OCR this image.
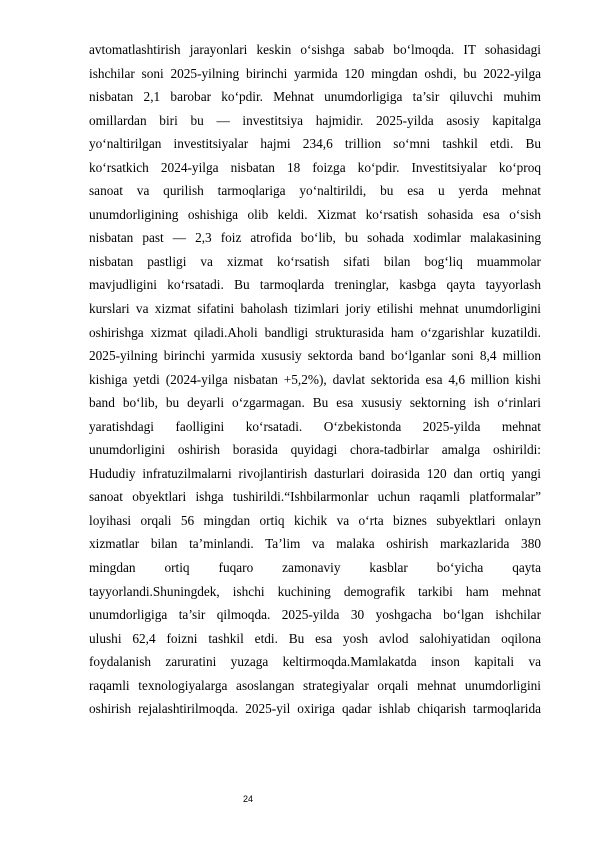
avtomatlashtirish jarayonlari keskin o‘sishga sabab bo‘lmoqda. IT sohasidagi
ishchilar soni 2025-yilning birinchi yarmida 120 mingdan oshdi, bu 2022-yilga
nisbatan 2,1 barobar ko‘pdir. Mehnat unumdorligiga ta’sir qiluvchi muhim
omillardan biri bu — investitsiya hajmidir. 2025-yilda asosiy kapitalga
yo‘naltirilgan investitsiyalar hajmi 234,6 trillion so‘mni tashkil etdi. Bu
ko‘rsatkich 2024-yilga nisbatan 18 foizga ko‘pdir. Investitsiyalar ko‘proq
sanoat va qurilish tarmoqlariga yo‘naltirildi, bu esa u yerda mehnat
unumdorligining oshishiga olib keldi. Xizmat ko‘rsatish sohasida esa o‘sish
nisbatan past — 2,3 foiz atrofida bo‘lib, bu sohada xodimlar malakasining
nisbatan pastligi va xizmat ko‘rsatish sifati bilan bog‘liq muammolar
mavjudligini ko‘rsatadi. Bu tarmoqlarda treninglar, kasbga qayta tayyorlash
kurslari va xizmat sifatini baholash tizimlari joriy etilishi mehnat unumdorligini
oshirishga xizmat qiladi.Aholi bandligi strukturasida ham o‘zgarishlar kuzatildi.
2025-yilning birinchi yarmida xususiy sektorda band bo‘lganlar soni 8,4 million
kishiga yetdi (2024-yilga nisbatan +5,2%), davlat sektorida esa 4,6 million kishi
band bo‘lib, bu deyarli o‘zgarmagan. Bu esa xususiy sektorning ish o‘rinlari
yaratishdagi faolligini ko‘rsatadi. O‘zbekistonda 2025-yilda mehnat
unumdorligini oshirish borasida quyidagi chora-tadbirlar amalga oshirildi:
Hududiy infratuzilmalarni rivojlantirish dasturlari doirasida 120 dan ortiq yangi
sanoat obyektlari ishga tushirildi.“Ishbilarmonlar uchun raqamli platformalar”
loyihasi orqali 56 mingdan ortiq kichik va o‘rta biznes subyektlari onlayn
xizmatlar bilan ta’minlandi. Ta’lim va malaka oshirish markazlarida 380
mingdan ortiq fuqaro zamonaviy kasblar bo‘yicha qayta
tayyorlandi.Shuningdek, ishchi kuchining demografik tarkibi ham mehnat
unumdorligiga ta’sir qilmoqda. 2025-yilda 30 yoshgacha bo‘lgan ishchilar
ulushi 62,4 foizni tashkil etdi. Bu esa yosh avlod salohiyatidan oqilona
foydalanish zaruratini yuzaga keltirmoqda.Mamlakatda inson kapitali va
raqamli texnologiyalarga asoslangan strategiyalar orqali mehnat unumdorligini
oshirish rejalashtirilmoqda. 2025-yil oxiriga qadar ishlab chiqarish tarmoqlarida
24
